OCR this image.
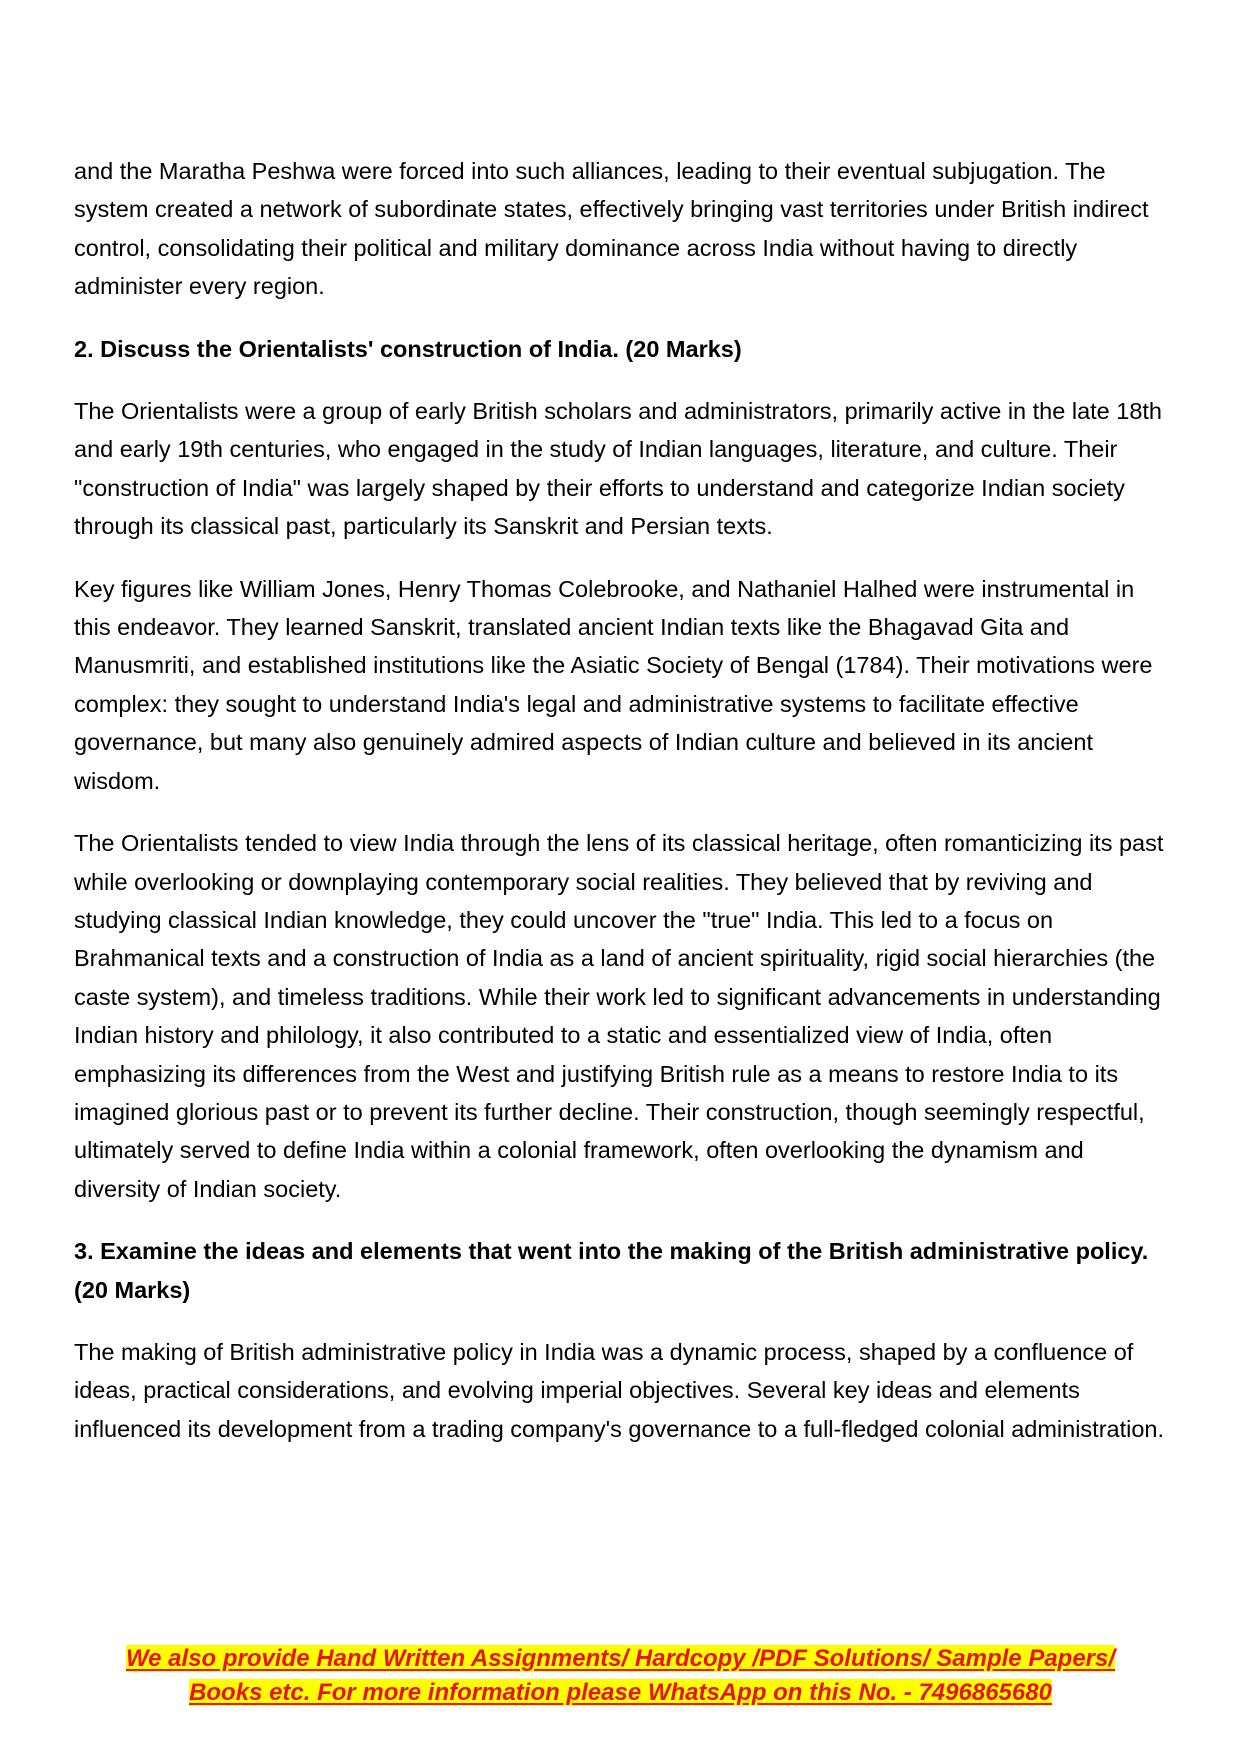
and the Maratha Peshwa were forced into such alliances, leading to their eventual subjugation. The system created a network of subordinate states, effectively bringing vast territories under British indirect control, consolidating their political and military dominance across India without having to directly administer every region.

2. Discuss the Orientalists' construction of India. (20 Marks)

The Orientalists were a group of early British scholars and administrators, primarily active in the late 18th and early 19th centuries, who engaged in the study of Indian languages, literature, and culture. Their "construction of India" was largely shaped by their efforts to understand and categorize Indian society through its classical past, particularly its Sanskrit and Persian texts.

Key figures like William Jones, Henry Thomas Colebrooke, and Nathaniel Halhed were instrumental in this endeavor. They learned Sanskrit, translated ancient Indian texts like the Bhagavad Gita and Manusmriti, and established institutions like the Asiatic Society of Bengal (1784). Their motivations were complex: they sought to understand India's legal and administrative systems to facilitate effective governance, but many also genuinely admired aspects of Indian culture and believed in its ancient wisdom.

The Orientalists tended to view India through the lens of its classical heritage, often romanticizing its past while overlooking or downplaying contemporary social realities. They believed that by reviving and studying classical Indian knowledge, they could uncover the "true" India. This led to a focus on Brahmanical texts and a construction of India as a land of ancient spirituality, rigid social hierarchies (the caste system), and timeless traditions. While their work led to significant advancements in understanding Indian history and philology, it also contributed to a static and essentialized view of India, often emphasizing its differences from the West and justifying British rule as a means to restore India to its imagined glorious past or to prevent its further decline. Their construction, though seemingly respectful, ultimately served to define India within a colonial framework, often overlooking the dynamism and diversity of Indian society.

3. Examine the ideas and elements that went into the making of the British administrative policy. (20 Marks)

The making of British administrative policy in India was a dynamic process, shaped by a confluence of ideas, practical considerations, and evolving imperial objectives. Several key ideas and elements influenced its development from a trading company's governance to a full-fledged colonial administration.

We also provide Hand Written Assignments/ Hardcopy /PDF Solutions/ Sample Papers/
Books etc. For more information please WhatsApp on this No. - 7496865680
